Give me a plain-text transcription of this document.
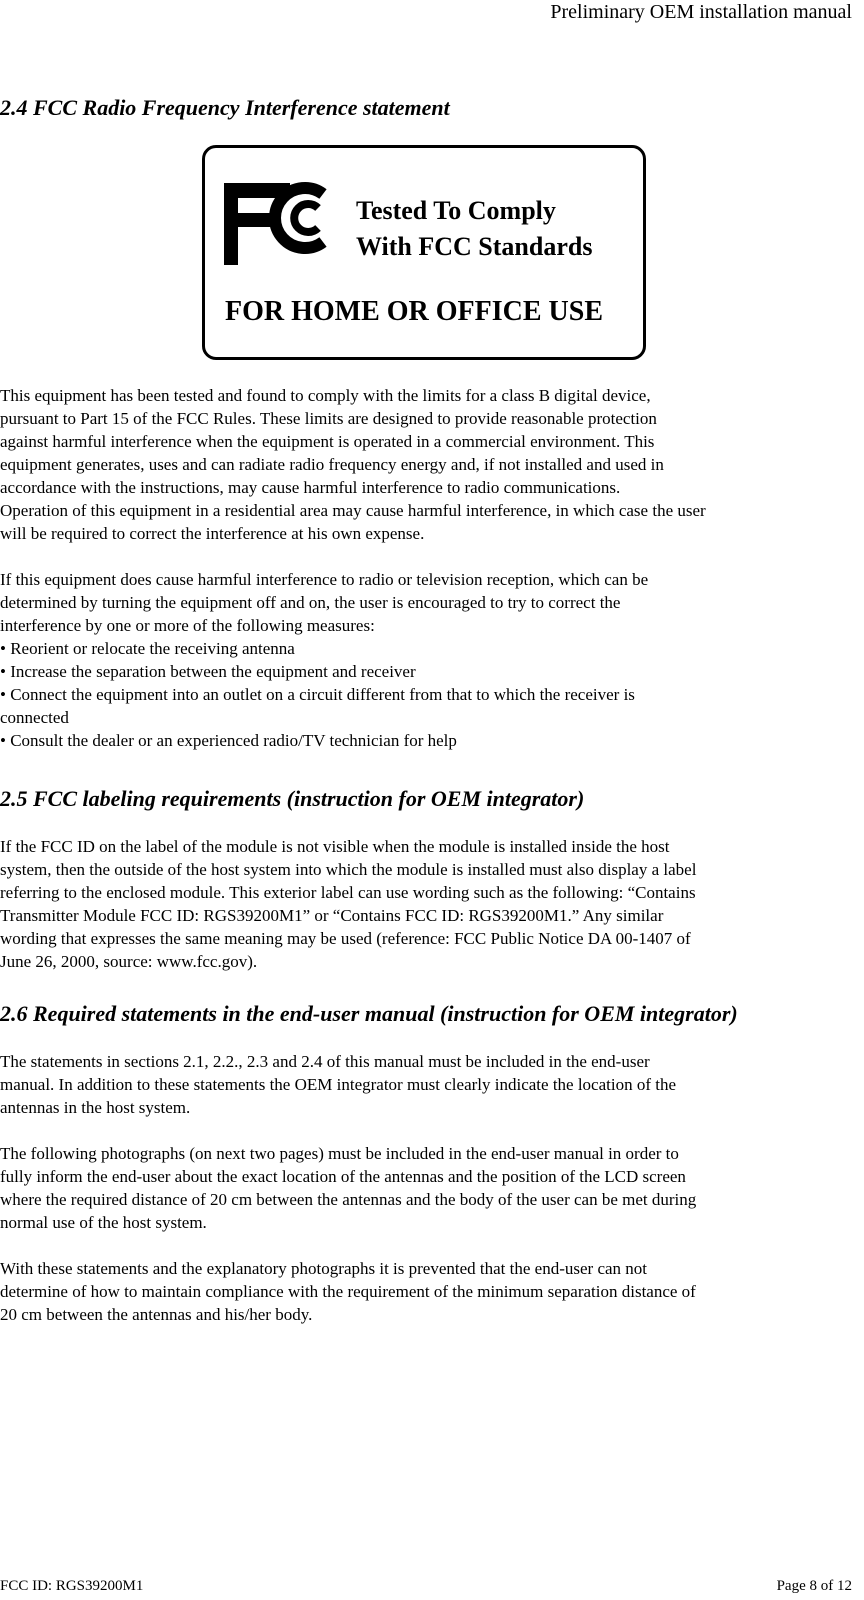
Preliminary OEM installation manual
2.4 FCC Radio Frequency Interference statement
Tested To Comply
With FCC Standards
FOR HOME OR OFFICE USE

This equipment has been tested and found to comply with the limits for a class B digital device,

pursuant to Part 15 of the FCC Rules. These limits are designed to provide reasonable protection

against harmful interference when the equipment is operated in a commercial environment. This

equipment generates, uses and can radiate radio frequency energy and, if not installed and used in

accordance with the instructions, may cause harmful interference to radio communications.

Operation of this equipment in a residential area may cause harmful interference, in which case the user

will be required to correct the interference at his own expense.

If this equipment does cause harmful interference to radio or television reception, which can be

determined by turning the equipment off and on, the user is encouraged to try to correct the

interference by one or more of the following measures:

• Reorient or relocate the receiving antenna

• Increase the separation between the equipment and receiver

• Connect the equipment into an outlet on a circuit different from that to which the receiver is

connected

• Consult the dealer or an experienced radio/TV technician for help

2.5 FCC labeling requirements (instruction for OEM integrator)

If the FCC ID on the label of the module is not visible when the module is installed inside the host

system, then the outside of the host system into which the module is installed must also display a label

referring to the enclosed module. This exterior label can use wording such as the following: “Contains

Transmitter Module FCC ID: RGS39200M1” or “Contains FCC ID: RGS39200M1.” Any similar

wording that expresses the same meaning may be used (reference: FCC Public Notice DA 00-1407 of

June 26, 2000, source: www.fcc.gov).

2.6 Required statements in the end-user manual (instruction for OEM integrator)

The statements in sections 2.1, 2.2., 2.3 and 2.4 of this manual must be included in the end-user

manual. In addition to these statements the OEM integrator must clearly indicate the location of the

antennas in the host system.

The following photographs (on next two pages) must be included in the end-user manual in order to

fully inform the end-user about the exact location of the antennas and the position of the LCD screen

where the required distance of 20 cm between the antennas and the body of the user can be met during

normal use of the host system.

With these statements and the explanatory photographs it is prevented that the end-user can not

determine of how to maintain compliance with the requirement of the minimum separation distance of

20 cm between the antennas and his/her body.

FCC ID: RGS39200M1	Page 8 of 12
